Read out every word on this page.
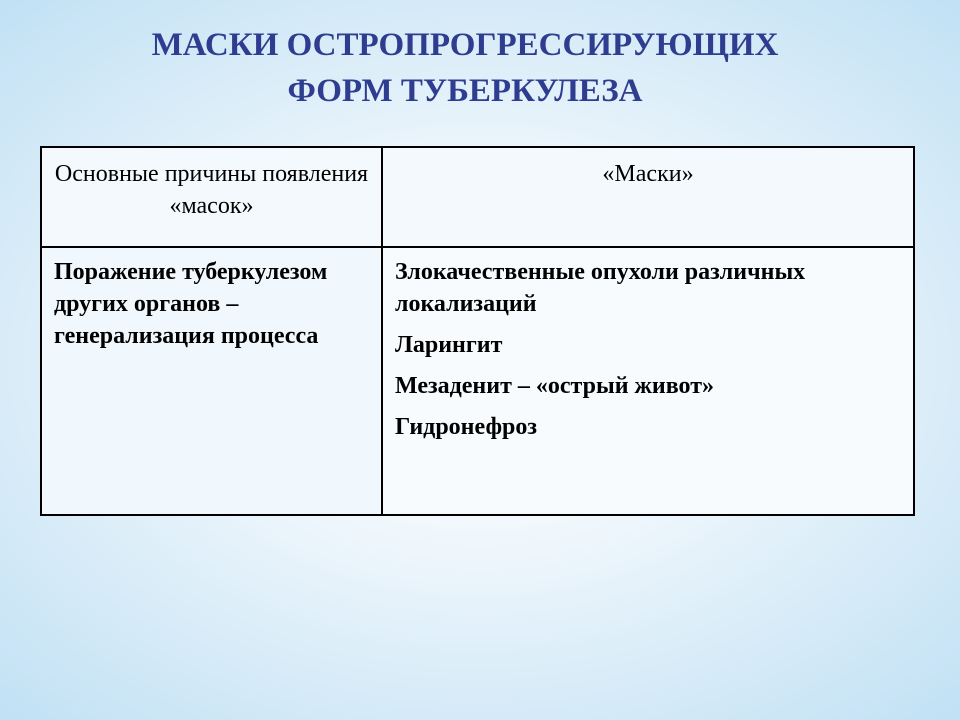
МАСКИ ОСТРОПРОГРЕССИРУЮЩИХ
ФОРМ ТУБЕРКУЛЕЗА
Основные причины появления «масок»	«Маски»
Поражение туберкулезом других органов – генерализация процесса	Злокачественные опухоли различных локализаций
Ларингит
Мезаденит – «острый живот»
Гидронефроз
